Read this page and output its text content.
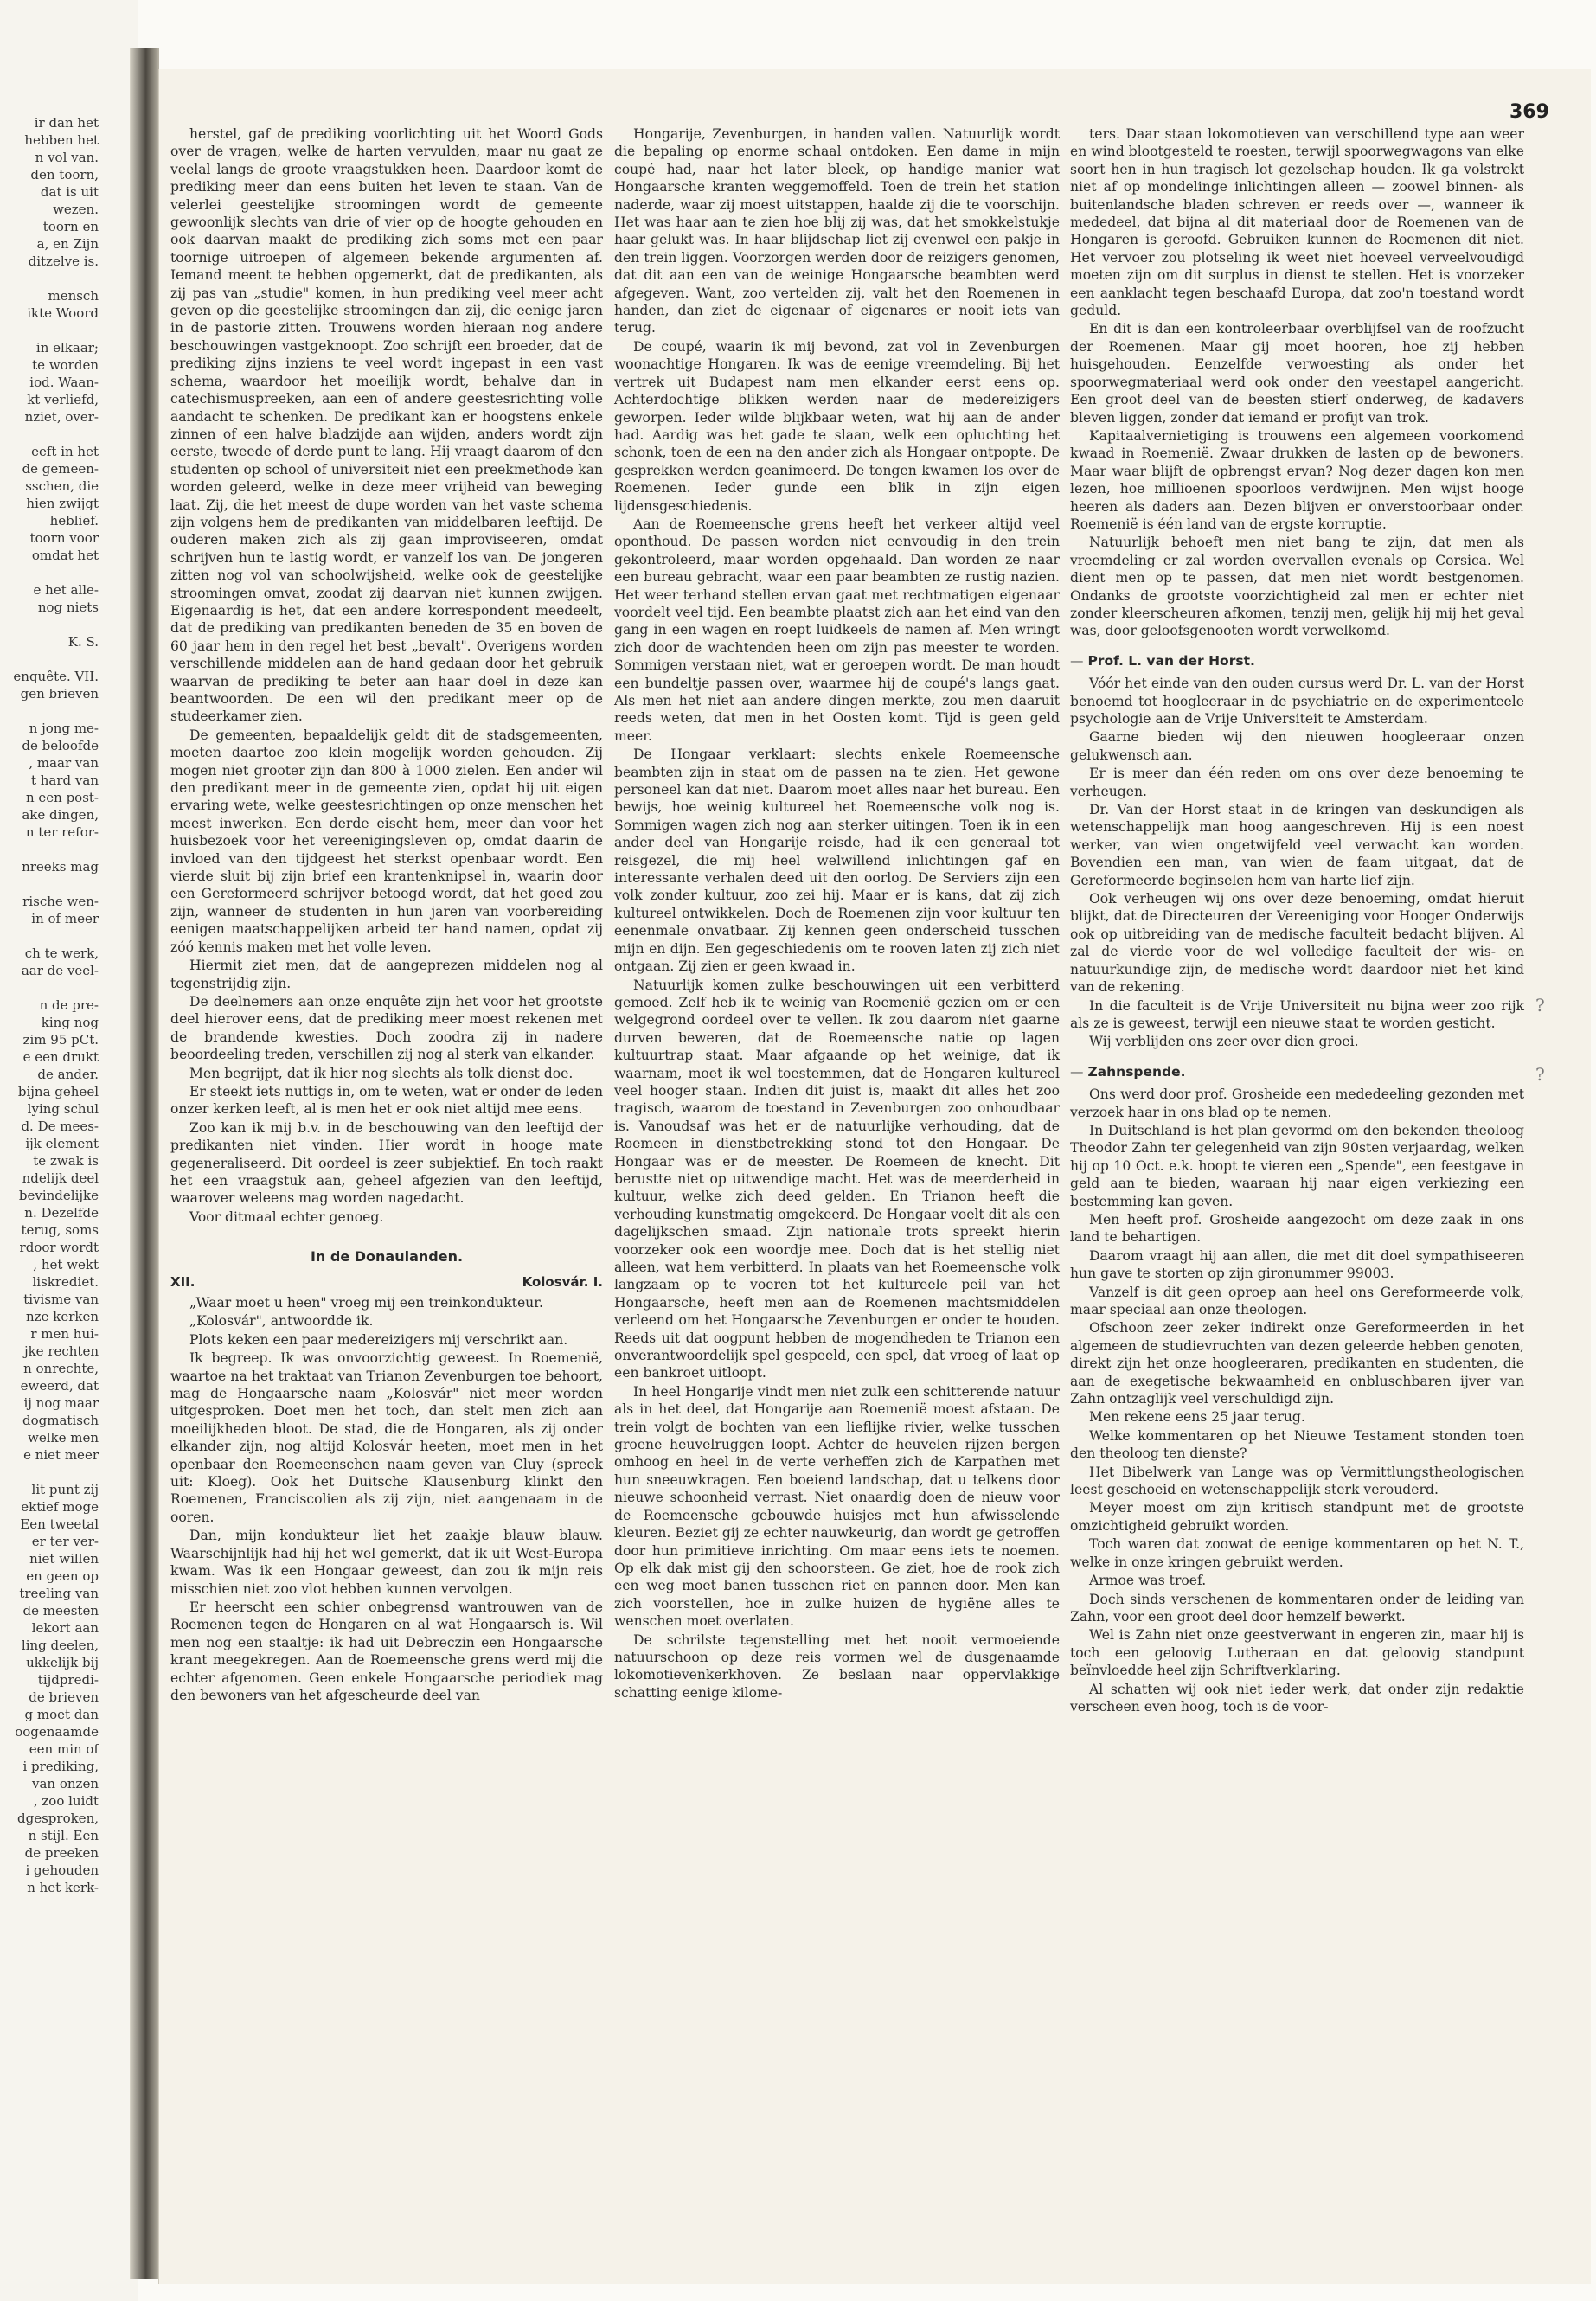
ir dan het
hebben het
n vol van.
den toorn,
dat is uit
wezen.
toorn en
a, en Zijn
ditzelve is.

mensch
ikte Woord

in elkaar;
te worden
iod. Waan-
kt verliefd,
nziet, over-

eeft in het
de gemeen-
sschen, die
hien zwijgt
heblief.
toorn voor
omdat het

e het alle-
nog niets

K. S.

enquête. VII.
gen brieven

n jong me-
de beloofde
, maar van
t hard van
n een post-
ake dingen,
n ter refor-

nreeks mag

rische wen-
in of meer

ch te werk,
aar de veel-

n de pre-
king nog
zim 95 pCt.
e een drukt
de ander.
bijna geheel
lying schul
d. De mees-
ijk element
te zwak is
ndelijk deel
bevindelijke
n. Dezelfde
terug, soms
rdoor wordt
, het wekt
liskrediet.
tivisme van
nze kerken
r men hui-
jke rechten
n onrechte,
eweerd, dat
ij nog maar
dogmatisch
welke men
e niet meer

lit punt zij
ektief moge
Een tweetal
er ter ver-
niet willen
en geen op
treeling van
de meesten
lekort aan
ling deelen,
ukkelijk bij
tijdpredi-
de brieven
g moet dan
oogenaamde
een min of
i prediking,
van onzen
, zoo luidt
dgesproken,
n stijl. Een
de preeken
i gehouden
n het kerk-
369

herstel, gaf de prediking voorlichting uit het Woord Gods over de vragen, welke de harten vervulden, maar nu gaat ze veelal langs de groote vraagstukken heen. Daardoor komt de prediking meer dan eens buiten het leven te staan. Van de velerlei geestelijke stroomingen wordt de gemeente gewoonlijk slechts van drie of vier op de hoogte gehouden en ook daarvan maakt de prediking zich soms met een paar toornige uitroepen of algemeen bekende argumenten af. Iemand meent te hebben opgemerkt, dat de predikanten, als zij pas van „studie" komen, in hun prediking veel meer acht geven op die geestelijke stroomingen dan zij, die eenige jaren in de pastorie zitten. Trouwens worden hieraan nog andere beschouwingen vastgeknoopt. Zoo schrijft een broeder, dat de prediking zijns inziens te veel wordt ingepast in een vast schema, waardoor het moeilijk wordt, behalve dan in catechismuspreeken, aan een of andere geestesrichting volle aandacht te schenken. De predikant kan er hoogstens enkele zinnen of een halve bladzijde aan wijden, anders wordt zijn eerste, tweede of derde punt te lang. Hij vraagt daarom of den studenten op school of universiteit niet een preekmethode kan worden geleerd, welke in deze meer vrijheid van beweging laat. Zij, die het meest de dupe worden van het vaste schema zijn volgens hem de predikanten van middelbaren leeftijd. De ouderen maken zich als zij gaan improviseeren, omdat schrijven hun te lastig wordt, er vanzelf los van. De jongeren zitten nog vol van schoolwijsheid, welke ook de geestelijke stroomingen omvat, zoodat zij daarvan niet kunnen zwijgen. Eigenaardig is het, dat een andere korrespondent meedeelt, dat de prediking van predikanten beneden de 35 en boven de 60 jaar hem in den regel het best „bevalt". Overigens worden verschillende middelen aan de hand gedaan door het gebruik waarvan de prediking te beter aan haar doel in deze kan beantwoorden. De een wil den predikant meer op de studeerkamer zien.

De gemeenten, bepaaldelijk geldt dit de stadsgemeenten, moeten daartoe zoo klein mogelijk worden gehouden. Zij mogen niet grooter zijn dan 800 à 1000 zielen. Een ander wil den predikant meer in de gemeente zien, opdat hij uit eigen ervaring wete, welke geestesrichtingen op onze menschen het meest inwerken. Een derde eischt hem, meer dan voor het huisbezoek voor het vereenigingsleven op, omdat daarin de invloed van den tijdgeest het sterkst openbaar wordt. Een vierde sluit bij zijn brief een krantenknipsel in, waarin door een Gereformeerd schrijver betoogd wordt, dat het goed zou zijn, wanneer de studenten in hun jaren van voorbereiding eenigen maatschappelijken arbeid ter hand namen, opdat zij zóó kennis maken met het volle leven.

Hiermit ziet men, dat de aangeprezen middelen nog al tegenstrijdig zijn.

De deelnemers aan onze enquête zijn het voor het grootste deel hierover eens, dat de prediking meer moest rekenen met de brandende kwesties. Doch zoodra zij in nadere beoordeeling treden, verschillen zij nog al sterk van elkander.

Men begrijpt, dat ik hier nog slechts als tolk dienst doe.

Er steekt iets nuttigs in, om te weten, wat er onder de leden onzer kerken leeft, al is men het er ook niet altijd mee eens.

Zoo kan ik mij b.v. in de beschouwing van den leeftijd der predikanten niet vinden. Hier wordt in hooge mate gegeneraliseerd. Dit oordeel is zeer subjektief. En toch raakt het een vraagstuk aan, geheel afgezien van den leeftijd, waarover weleens mag worden nagedacht.

Voor ditmaal echter genoeg.

In de Donaulanden.
XII.	Kolosvár. I.

„Waar moet u heen" vroeg mij een treinkondukteur.

„Kolosvár", antwoordde ik.

Plots keken een paar medereizigers mij verschrikt aan.

Ik begreep. Ik was onvoorzichtig geweest. In Roemenië, waartoe na het traktaat van Trianon Zevenburgen toe behoort, mag de Hongaarsche naam „Kolosvár" niet meer worden uitgesproken. Doet men het toch, dan stelt men zich aan moeilijkheden bloot. De stad, die de Hongaren, als zij onder elkander zijn, nog altijd Kolosvár heeten, moet men in het openbaar den Roemeenschen naam geven van Cluy (spreek uit: Kloeg). Ook het Duitsche Klausenburg klinkt den Roemenen, Franciscolien als zij zijn, niet aangenaam in de ooren.

Dan, mijn kondukteur liet het zaakje blauw blauw. Waarschijnlijk had hij het wel gemerkt, dat ik uit West-Europa kwam. Was ik een Hongaar geweest, dan zou ik mijn reis misschien niet zoo vlot hebben kunnen vervolgen.

Er heerscht een schier onbegrensd wantrouwen van de Roemenen tegen de Hongaren en al wat Hongaarsch is. Wil men nog een staaltje: ik had uit Debreczin een Hongaarsche krant meegekregen. Aan de Roemeensche grens werd mij die echter afgenomen. Geen enkele Hongaarsche periodiek mag den bewoners van het afgescheurde deel van

Hongarije, Zevenburgen, in handen vallen. Natuurlijk wordt die bepaling op enorme schaal ontdoken. Een dame in mijn coupé had, naar het later bleek, op handige manier wat Hongaarsche kranten weggemoffeld. Toen de trein het station naderde, waar zij moest uitstappen, haalde zij die te voorschijn. Het was haar aan te zien hoe blij zij was, dat het smokkelstukje haar gelukt was. In haar blijdschap liet zij evenwel een pakje in den trein liggen. Voorzorgen werden door de reizigers genomen, dat dit aan een van de weinige Hongaarsche beambten werd afgegeven. Want, zoo vertelden zij, valt het den Roemenen in handen, dan ziet de eigenaar of eigenares er nooit iets van terug.

De coupé, waarin ik mij bevond, zat vol in Zevenburgen woonachtige Hongaren. Ik was de eenige vreemdeling. Bij het vertrek uit Budapest nam men elkander eerst eens op. Achterdochtige blikken werden naar de medereizigers geworpen. Ieder wilde blijkbaar weten, wat hij aan de ander had. Aardig was het gade te slaan, welk een opluchting het schonk, toen de een na den ander zich als Hongaar ontpopte. De gesprekken werden geanimeerd. De tongen kwamen los over de Roemenen. Ieder gunde een blik in zijn eigen lijdensgeschiedenis.

Aan de Roemeensche grens heeft het verkeer altijd veel oponthoud. De passen worden niet eenvoudig in den trein gekontroleerd, maar worden opgehaald. Dan worden ze naar een bureau gebracht, waar een paar beambten ze rustig nazien. Het weer terhand stellen ervan gaat met rechtmatigen eigenaar voordelt veel tijd. Een beambte plaatst zich aan het eind van den gang in een wagen en roept luidkeels de namen af. Men wringt zich door de wachtenden heen om zijn pas meester te worden. Sommigen verstaan niet, wat er geroepen wordt. De man houdt een bundeltje passen over, waarmee hij de coupé's langs gaat. Als men het niet aan andere dingen merkte, zou men daaruit reeds weten, dat men in het Oosten komt. Tijd is geen geld meer.

De Hongaar verklaart: slechts enkele Roemeensche beambten zijn in staat om de passen na te zien. Het gewone personeel kan dat niet. Daarom moet alles naar het bureau. Een bewijs, hoe weinig kultureel het Roemeensche volk nog is. Sommigen wagen zich nog aan sterker uitingen. Toen ik in een ander deel van Hongarije reisde, had ik een generaal tot reisgezel, die mij heel welwillend inlichtingen gaf en interessante verhalen deed uit den oorlog. De Serviers zijn een volk zonder kultuur, zoo zei hij. Maar er is kans, dat zij zich kultureel ontwikkelen. Doch de Roemenen zijn voor kultuur ten eenenmale onvatbaar. Zij kennen geen onderscheid tusschen mijn en dijn. Een gegeschiedenis om te rooven laten zij zich niet ontgaan. Zij zien er geen kwaad in.

Natuurlijk komen zulke beschouwingen uit een verbitterd gemoed. Zelf heb ik te weinig van Roemenië gezien om er een welgegrond oordeel over te vellen. Ik zou daarom niet gaarne durven beweren, dat de Roemeensche natie op lagen kultuurtrap staat. Maar afgaande op het weinige, dat ik waarnam, moet ik wel toestemmen, dat de Hongaren kultureel veel hooger staan. Indien dit juist is, maakt dit alles het zoo tragisch, waarom de toestand in Zevenburgen zoo onhoudbaar is. Vanoudsaf was het er de natuurlijke verhouding, dat de Roemeen in dienstbetrekking stond tot den Hongaar. De Hongaar was er de meester. De Roemeen de knecht. Dit berustte niet op uitwendige macht. Het was de meerderheid in kultuur, welke zich deed gelden. En Trianon heeft die verhouding kunstmatig omgekeerd. De Hongaar voelt dit als een dagelijkschen smaad. Zijn nationale trots spreekt hierin voorzeker ook een woordje mee. Doch dat is het stellig niet alleen, wat hem verbitterd. In plaats van het Roemeensche volk langzaam op te voeren tot het kultureele peil van het Hongaarsche, heeft men aan de Roemenen machtsmiddelen verleend om het Hongaarsche Zevenburgen er onder te houden. Reeds uit dat oogpunt hebben de mogendheden te Trianon een onverantwoordelijk spel gespeeld, een spel, dat vroeg of laat op een bankroet uitloopt.

In heel Hongarije vindt men niet zulk een schitterende natuur als in het deel, dat Hongarije aan Roemenië moest afstaan. De trein volgt de bochten van een lieflijke rivier, welke tusschen groene heuvelruggen loopt. Achter de heuvelen rijzen bergen omhoog en heel in de verte verheffen zich de Karpathen met hun sneeuwkragen. Een boeiend landschap, dat u telkens door nieuwe schoonheid verrast. Niet onaardig doen de nieuw voor de Roemeensche gebouwde huisjes met hun afwisselende kleuren. Beziet gij ze echter nauwkeurig, dan wordt ge getroffen door hun primitieve inrichting. Om maar eens iets te noemen. Op elk dak mist gij den schoorsteen. Ge ziet, hoe de rook zich een weg moet banen tusschen riet en pannen door. Men kan zich voorstellen, hoe in zulke huizen de hygiëne alles te wenschen moet overlaten.

De schrilste tegenstelling met het nooit vermoeiende natuurschoon op deze reis vormen wel de dusgenaamde lokomotievenkerkhoven. Ze beslaan naar oppervlakkige schatting eenige kilome-

ters. Daar staan lokomotieven van verschillend type aan weer en wind blootgesteld te roesten, terwijl spoorwegwagons van elke soort hen in hun tragisch lot gezelschap houden. Ik ga volstrekt niet af op mondelinge inlichtingen alleen — zoowel binnen- als buitenlandsche bladen schreven er reeds over —, wanneer ik mededeel, dat bijna al dit materiaal door de Roemenen van de Hongaren is geroofd. Gebruiken kunnen de Roemenen dit niet. Het vervoer zou plotseling ik weet niet hoeveel verveelvoudigd moeten zijn om dit surplus in dienst te stellen. Het is voorzeker een aanklacht tegen beschaafd Europa, dat zoo'n toestand wordt geduld.

En dit is dan een kontroleerbaar overblijfsel van de roofzucht der Roemenen. Maar gij moet hooren, hoe zij hebben huisgehouden. Eenzelfde verwoesting als onder het spoorwegmateriaal werd ook onder den veestapel aangericht. Een groot deel van de beesten stierf onderweg, de kadavers bleven liggen, zonder dat iemand er profijt van trok.

Kapitaalvernietiging is trouwens een algemeen voorkomend kwaad in Roemenië. Zwaar drukken de lasten op de bewoners. Maar waar blijft de opbrengst ervan? Nog dezer dagen kon men lezen, hoe millioenen spoorloos verdwijnen. Men wijst hooge heeren als daders aan. Dezen blijven er onverstoorbaar onder. Roemenië is één land van de ergste korruptie.

Natuurlijk behoeft men niet bang te zijn, dat men als vreemdeling er zal worden overvallen evenals op Corsica. Wel dient men op te passen, dat men niet wordt bestgenomen. Ondanks de grootste voorzichtigheid zal men er echter niet zonder kleerscheuren afkomen, tenzij men, gelijk hij mij het geval was, door geloofsgenooten wordt verwelkomd.

— Prof. L. van der Horst.

Vóór het einde van den ouden cursus werd Dr. L. van der Horst benoemd tot hoogleeraar in de psychiatrie en de experimenteele psychologie aan de Vrije Universiteit te Amsterdam.

Gaarne bieden wij den nieuwen hoogleeraar onzen gelukwensch aan.

Er is meer dan één reden om ons over deze benoeming te verheugen.

Dr. Van der Horst staat in de kringen van deskundigen als wetenschappelijk man hoog aangeschreven. Hij is een noest werker, van wien ongetwijfeld veel verwacht kan worden. Bovendien een man, van wien de faam uitgaat, dat de Gereformeerde beginselen hem van harte lief zijn.

Ook verheugen wij ons over deze benoeming, omdat hieruit blijkt, dat de Directeuren der Vereeniging voor Hooger Onderwijs ook op uitbreiding van de medische faculteit bedacht blijven. Al zal de vierde voor de wel volledige faculteit der wis- en natuurkundige zijn, de medische wordt daardoor niet het kind van de rekening.

In die faculteit is de Vrije Universiteit nu bijna weer zoo rijk als ze is geweest, terwijl een nieuwe staat te worden gesticht.

Wij verblijden ons zeer over dien groei.

— Zahnspende.

Ons werd door prof. Grosheide een mededeeling gezonden met verzoek haar in ons blad op te nemen.

In Duitschland is het plan gevormd om den bekenden theoloog Theodor Zahn ter gelegenheid van zijn 90sten verjaardag, welken hij op 10 Oct. e.k. hoopt te vieren een „Spende", een feestgave in geld aan te bieden, waaraan hij naar eigen verkiezing een bestemming kan geven.

Men heeft prof. Grosheide aangezocht om deze zaak in ons land te behartigen.

Daarom vraagt hij aan allen, die met dit doel sympathiseeren hun gave te storten op zijn gironummer 99003.

Vanzelf is dit geen oproep aan heel ons Gereformeerde volk, maar speciaal aan onze theologen.

Ofschoon zeer zeker indirekt onze Gereformeerden in het algemeen de studievruchten van dezen geleerde hebben genoten, direkt zijn het onze hoogleeraren, predikanten en studenten, die aan de exegetische bekwaamheid en onbluschbaren ijver van Zahn ontzaglijk veel verschuldigd zijn.

Men rekene eens 25 jaar terug.

Welke kommentaren op het Nieuwe Testament stonden toen den theoloog ten dienste?

Het Bibelwerk van Lange was op Vermittlungstheologischen leest geschoeid en wetenschappelijk sterk verouderd.

Meyer moest om zijn kritisch standpunt met de grootste omzichtigheid gebruikt worden.

Toch waren dat zoowat de eenige kommentaren op het N. T., welke in onze kringen gebruikt werden.

Armoe was troef.

Doch sinds verschenen de kommentaren onder de leiding van Zahn, voor een groot deel door hemzelf bewerkt.

Wel is Zahn niet onze geestverwant in engeren zin, maar hij is toch een geloovig Lutheraan en dat geloovig standpunt beïnvloedde heel zijn Schriftverklaring.

Al schatten wij ook niet ieder werk, dat onder zijn redaktie verscheen even hoog, toch is de voor-

?
?
